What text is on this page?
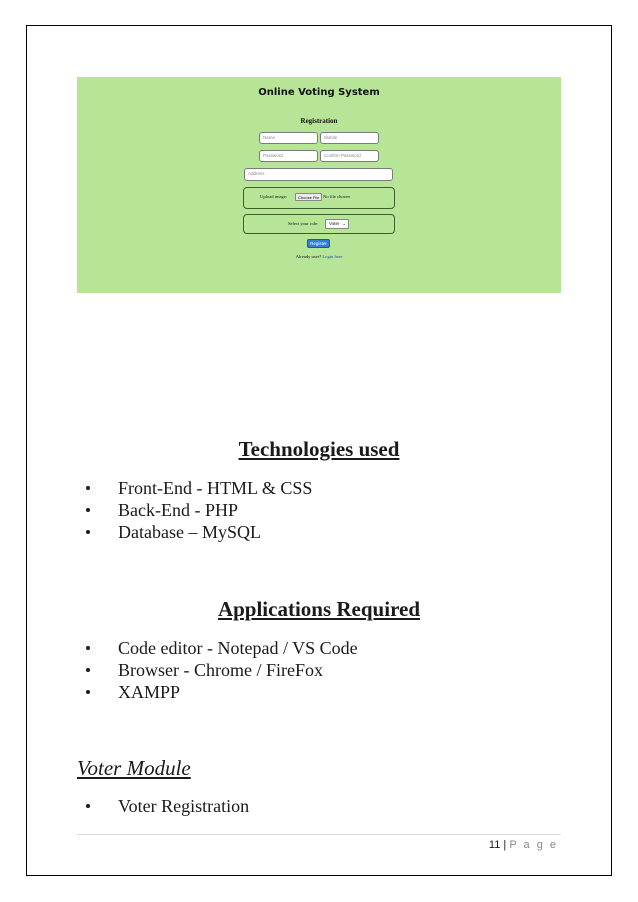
Online Voting System
Registration
Name	Mobile
Password	Confirm Password
Address
Upload image:	Choose File No file chosen
Select your role:	Voter ⌄
Register
Already user? Login here
Technologies used
Front-End - HTML & CSS
Back-End - PHP
Database – MySQL
Applications Required
Code editor - Notepad / VS Code
Browser - Chrome / FireFox
XAMPP
Voter Module
Voter Registration
11 | P a g e
